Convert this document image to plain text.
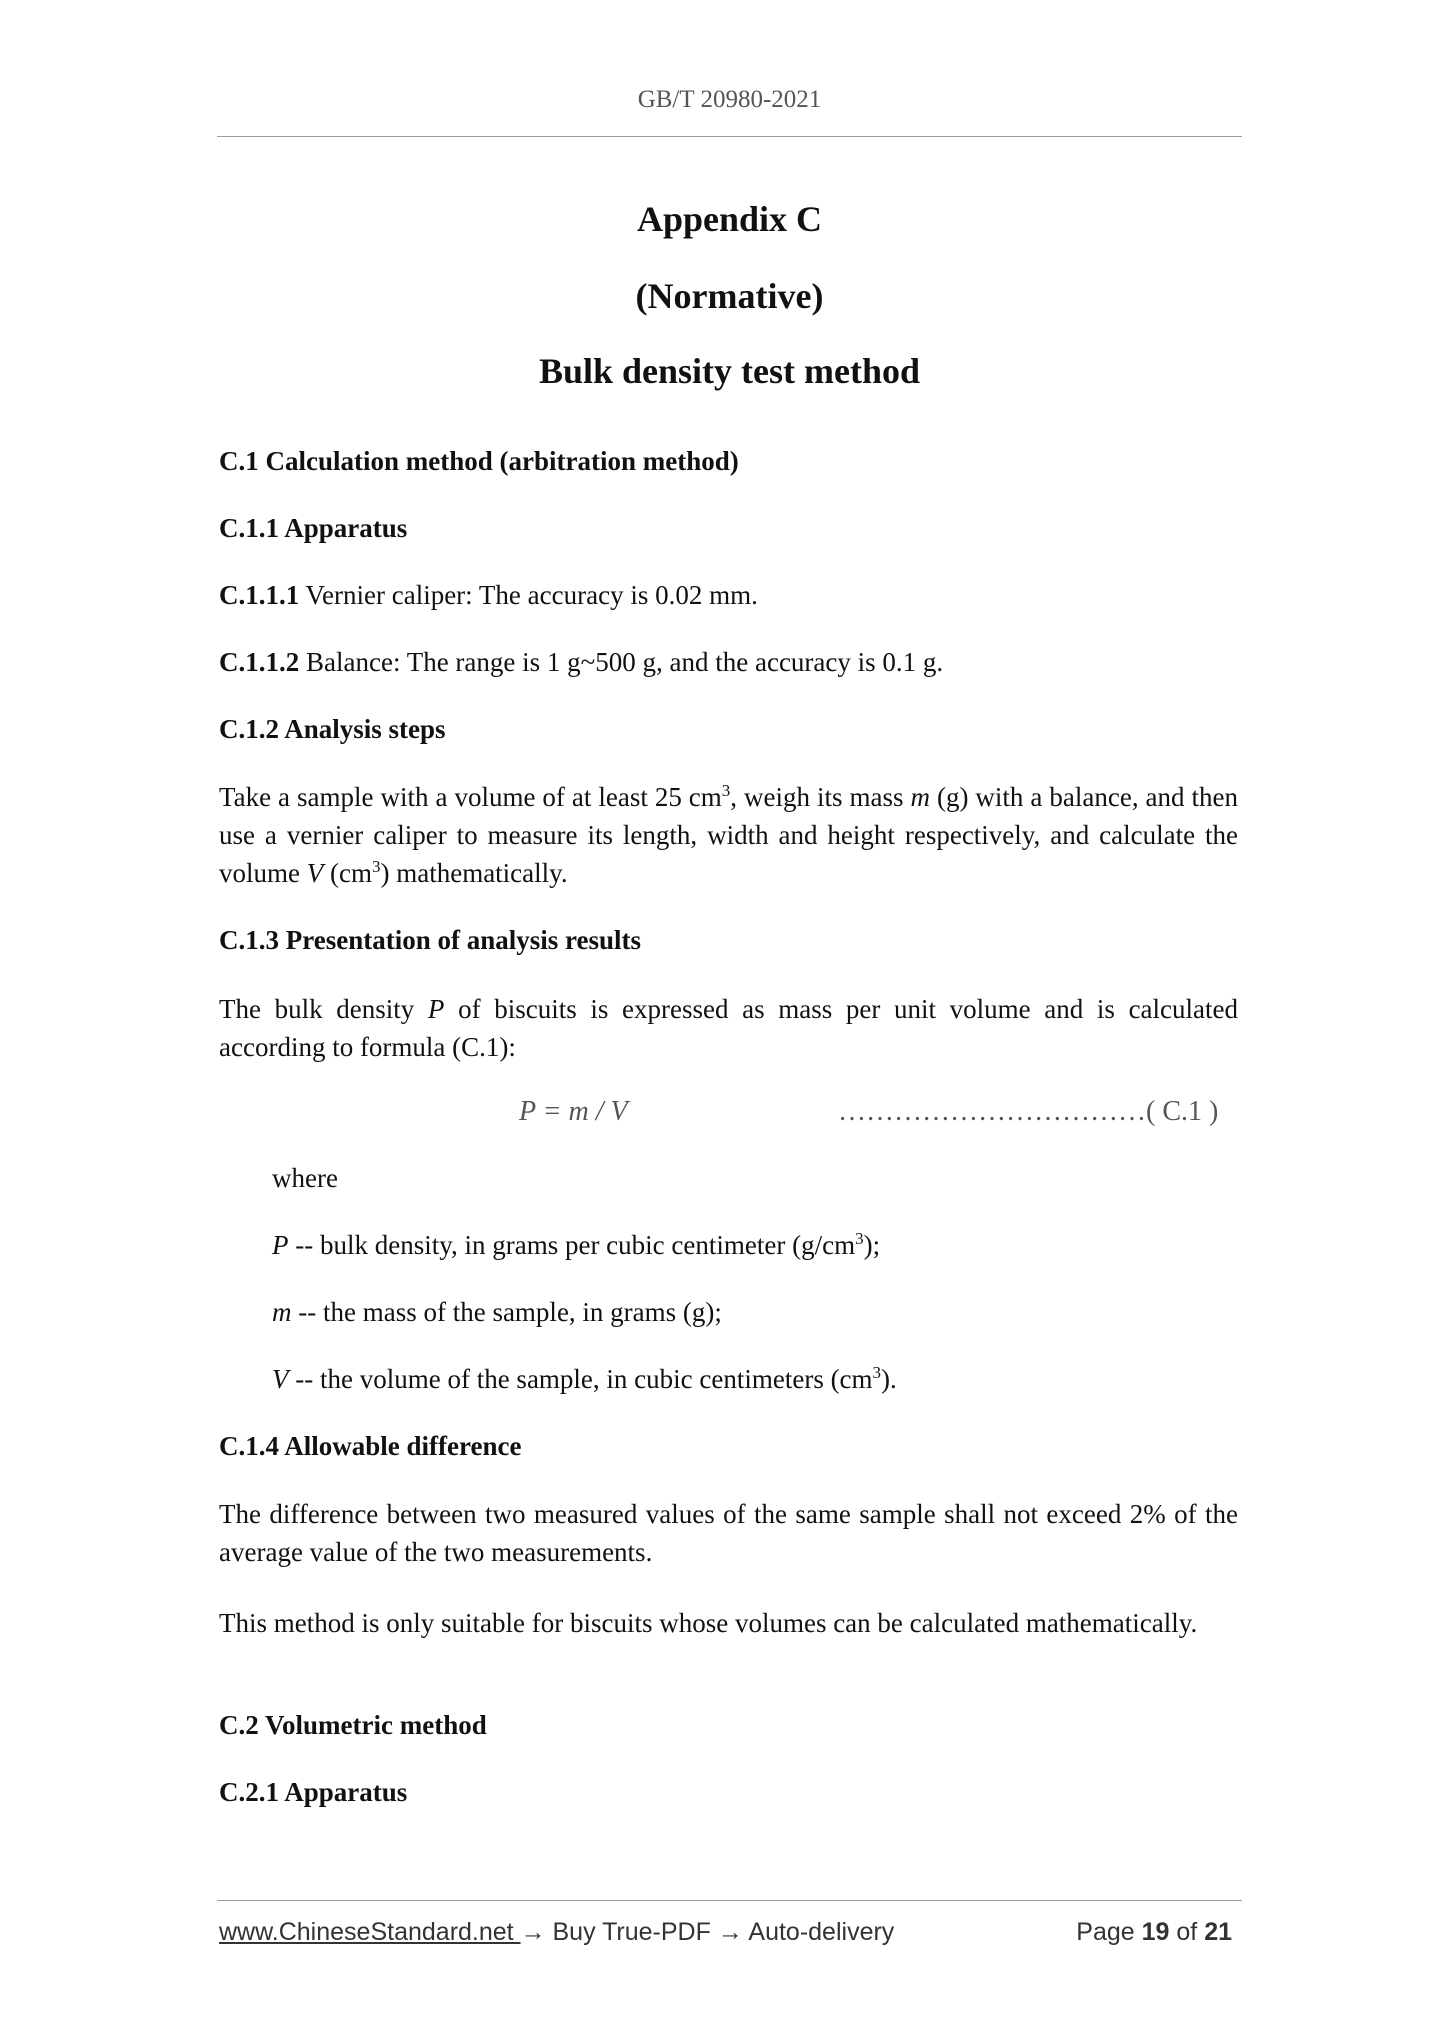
GB/T 20980-2021
Appendix C
(Normative)
Bulk density test method
C.1 Calculation method (arbitration method)
C.1.1 Apparatus
C.1.1.1 Vernier caliper: The accuracy is 0.02 mm.
C.1.1.2 Balance: The range is 1 g~500 g, and the accuracy is 0.1 g.
C.1.2 Analysis steps
Take a sample with a volume of at least 25 $cm^3$, weigh its mass m (g) with a balance, and then use a vernier caliper to measure its length, width and height respectively, and calculate the volume V $(cm^3)$ mathematically.
C.1.3 Presentation of analysis results
The bulk density P of biscuits is expressed as mass per unit volume and is calculated according to formula (C.1):
P = m / V	……………………………( C.1 )
where
P -- bulk density, in grams per cubic centimeter $(g/cm^3)$;
m -- the mass of the sample, in grams (g);
V -- the volume of the sample, in cubic centimeters $(cm^3)$.
C.1.4 Allowable difference
The difference between two measured values of the same sample shall not exceed 2% of the average value of the two measurements.
This method is only suitable for biscuits whose volumes can be calculated mathematically.
C.2 Volumetric method
C.2.1 Apparatus
www.ChineseStandard.net → Buy True-PDF → Auto-delivery	Page 19 of 21
